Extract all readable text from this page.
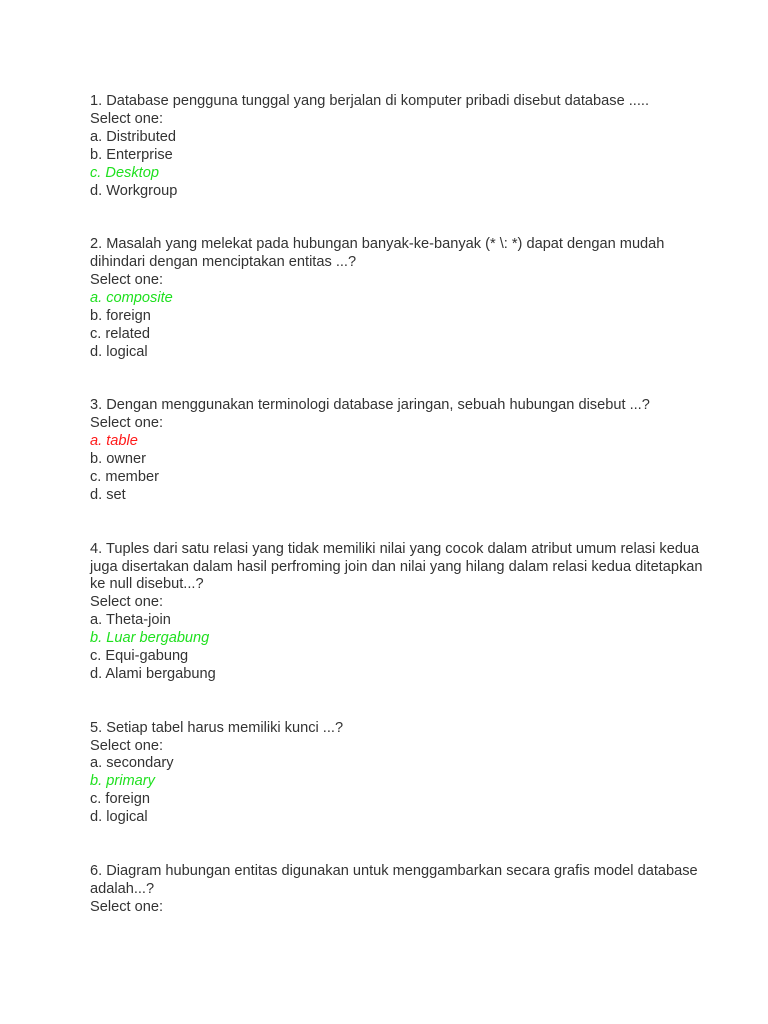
1. Database pengguna tunggal yang berjalan di komputer pribadi disebut database .....
Select one:
a. Distributed
b. Enterprise
c. Desktop
d. Workgroup
2. Masalah yang melekat pada hubungan banyak-ke-banyak (* \: *) dapat dengan mudah dihindari dengan menciptakan entitas ...?
Select one:
a. composite
b. foreign
c. related
d. logical
3. Dengan menggunakan terminologi database jaringan, sebuah hubungan disebut ...?
Select one:
a. table
b. owner
c. member
d. set
4. Tuples dari satu relasi yang tidak memiliki nilai yang cocok dalam atribut umum relasi kedua juga disertakan dalam hasil perfroming join dan nilai yang hilang dalam relasi kedua ditetapkan ke null disebut...?
Select one:
a. Theta-join
b. Luar bergabung
c. Equi-gabung
d. Alami bergabung
5. Setiap tabel harus memiliki kunci ...?
Select one:
a. secondary
b. primary
c. foreign
d. logical
6. Diagram hubungan entitas digunakan untuk menggambarkan secara grafis model database adalah...?
Select one:
